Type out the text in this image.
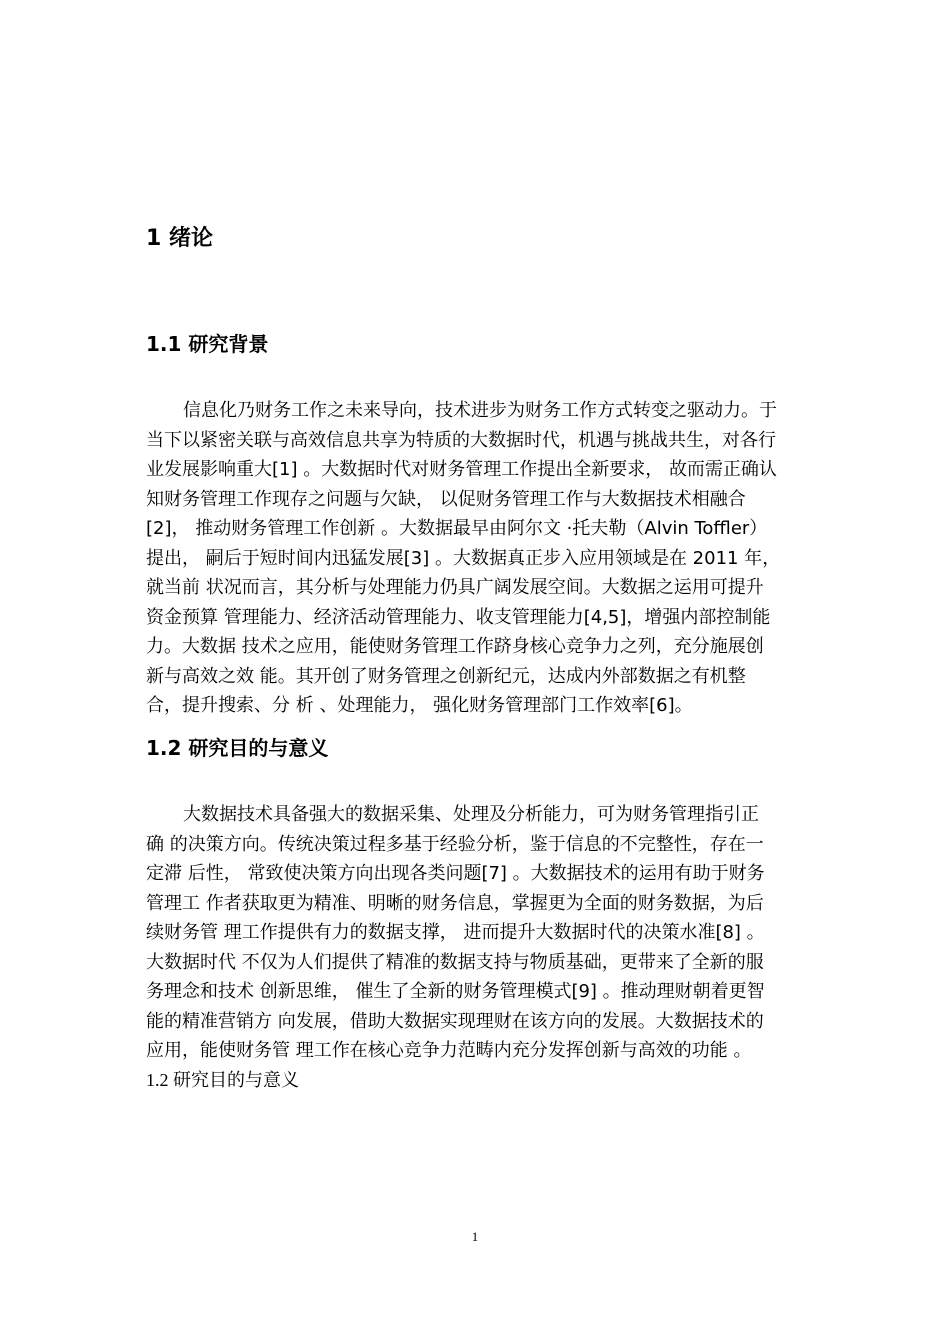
1 绪论
1.1 研究背景
信息化乃财务工作之未来导向，技术进步为财务工作方式转变之驱动力。于
当下以紧密关联与高效信息共享为特质的大数据时代，机遇与挑战共生，对各行
业发展影响重大[1] 。大数据时代对财务管理工作提出全新要求， 故而需正确认
知财务管理工作现存之问题与欠缺， 以促财务管理工作与大数据技术相融合
[2]， 推动财务管理工作创新 。大数据最早由阿尔文 ·托夫勒（Alvin Toffler）
提出， 嗣后于短时间内迅猛发展[3] 。大数据真正步入应用领域是在 2011 年，
就当前 状况而言，其分析与处理能力仍具广阔发展空间。大数据之运用可提升
资金预算 管理能力、经济活动管理能力、收支管理能力[4,5]，增强内部控制能
力。大数据 技术之应用，能使财务管理工作跻身核心竞争力之列，充分施展创
新与高效之效 能。其开创了财务管理之创新纪元，达成内外部数据之有机整
合，提升搜索、分 析 、处理能力， 强化财务管理部门工作效率[6]。
1.2 研究目的与意义
大数据技术具备强大的数据采集、处理及分析能力，可为财务管理指引正
确 的决策方向。传统决策过程多基于经验分析，鉴于信息的不完整性，存在一
定滞 后性， 常致使决策方向出现各类问题[7] 。大数据技术的运用有助于财务
管理工 作者获取更为精准、明晰的财务信息，掌握更为全面的财务数据，为后
续财务管 理工作提供有力的数据支撑， 进而提升大数据时代的决策水准[8] 。
大数据时代 不仅为人们提供了精准的数据支持与物质基础，更带来了全新的服
务理念和技术 创新思维， 催生了全新的财务管理模式[9] 。推动理财朝着更智
能的精准营销方 向发展，借助大数据实现理财在该方向的发展。大数据技术的
应用，能使财务管 理工作在核心竞争力范畴内充分发挥创新与高效的功能 。
1.2 研究目的与意义
1
